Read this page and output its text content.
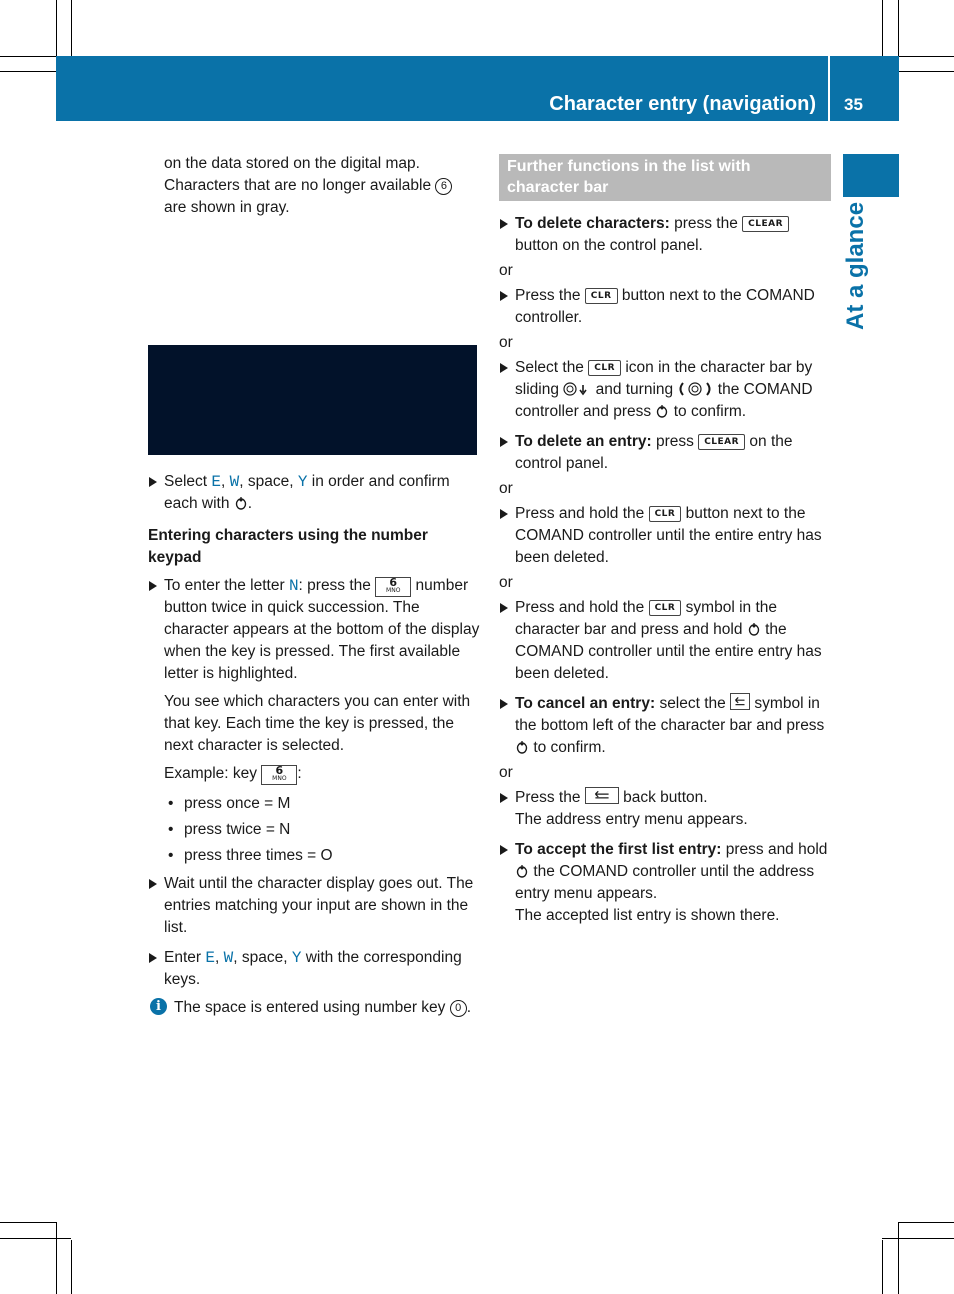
Character entry (navigation) 35
At a glance

on the data stored on the digital map.

Characters that are no longer available 6

are shown in gray.

Select E, W, space, Y in order and confirm each with .

Entering characters using the number keypad

To enter the letter N: press the 6
MNO number button twice in quick succession. The character appears at the bottom of the display when the key is pressed. The first available letter is highlighted.

You see which characters you can enter with that key. Each time the key is pressed, the next character is selected.

Example: key 6
MNO :

• press once = M

• press twice = N

• press three times = O

Wait until the character display goes out. The entries matching your input are shown in the list.

Enter E, W, space, Y with the corresponding keys.

i The space is entered using number key 0 .

Further functions in the list with character bar

To delete characters: press the CLEAR button on the control panel.

or

Press the CLR button next to the COMAND controller.

or

Select the CLR icon in the character bar by sliding and turning	the COMAND controller and press to confirm.

To delete an entry: press CLEAR on the control panel.

or

Press and hold the CLR button next to the COMAND controller until the entire entry has been deleted.

or

Press and hold the CLR symbol in the character bar and press and hold the COMAND controller until the entire entry has been deleted.

To cancel an entry: select the symbol in the bottom left of the character bar and press  to confirm.

or

Press the	back button.
The address entry menu appears.

To accept the first list entry: press and hold  the COMAND controller until the address entry menu appears.
The accepted list entry is shown there.
